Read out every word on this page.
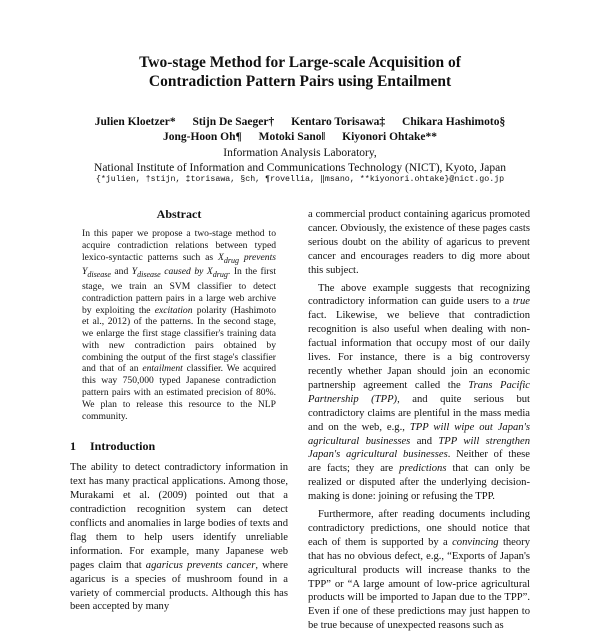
Two-stage Method for Large-scale Acquisition of
Contradiction Pattern Pairs using Entailment
Julien Kloetzer* Stijn De Saeger† Kentaro Torisawa‡ Chikara Hashimoto§
Jong-Hoon Oh¶ Motoki Sano‖ Kiyonori Ohtake**
Information Analysis Laboratory,
National Institute of Information and Communications Technology (NICT), Kyoto, Japan
{*julien, †stijn, ‡torisawa, §ch, ¶rovellia, ‖msano, **kiyonori.ohtake}@nict.go.jp
Abstract

In this paper we propose a two-stage method to acquire contradiction relations between typed lexico-syntactic patterns such as $X_{drug}$ prevents $Y_{disease}$ and $Y_{disease}$ caused by $X_{drug}$. In the first stage, we train an SVM classifier to detect contradiction pattern pairs in a large web archive by exploiting the excitation polarity (Hashimoto et al., 2012) of the patterns. In the second stage, we enlarge the first stage classifier's training data with new contradiction pairs obtained by combining the output of the first stage's classifier and that of an entailment classifier. We acquired this way 750,000 typed Japanese contradiction pattern pairs with an estimated precision of 80%. We plan to release this resource to the NLP community.

1 Introduction

The ability to detect contradictory information in text has many practical applications. Among those, Murakami et al. (2009) pointed out that a contradiction recognition system can detect conflicts and anomalies in large bodies of texts and flag them to help users identify unreliable information. For example, many Japanese web pages claim that agaricus prevents cancer, where agaricus is a species of mushroom found in a variety of commercial products. Although this has been accepted by many

a commercial product containing agaricus promoted cancer. Obviously, the existence of these pages casts serious doubt on the ability of agaricus to prevent cancer and encourages readers to dig more about this subject.

The above example suggests that recognizing contradictory information can guide users to a true fact. Likewise, we believe that contradiction recognition is also useful when dealing with non-factual information that occupy most of our daily lives. For instance, there is a big controversy recently whether Japan should join an economic partnership agreement called the Trans Pacific Partnership (TPP), and quite serious but contradictory claims are plentiful in the mass media and on the web, e.g., TPP will wipe out Japan's agricultural businesses and TPP will strengthen Japan's agricultural businesses. Neither of these are facts; they are predictions that can only be realized or disputed after the underlying decision-making is done: joining or refusing the TPP.

Furthermore, after reading documents including contradictory predictions, one should notice that each of them is supported by a convincing theory that has no obvious defect, e.g., “Exports of Japan's agricultural products will increase thanks to the TPP” or “A large amount of low-price agricultural products will be imported to Japan due to the TPP”. Even if one of these predictions may just happen to be true because of unexpected reasons such as
